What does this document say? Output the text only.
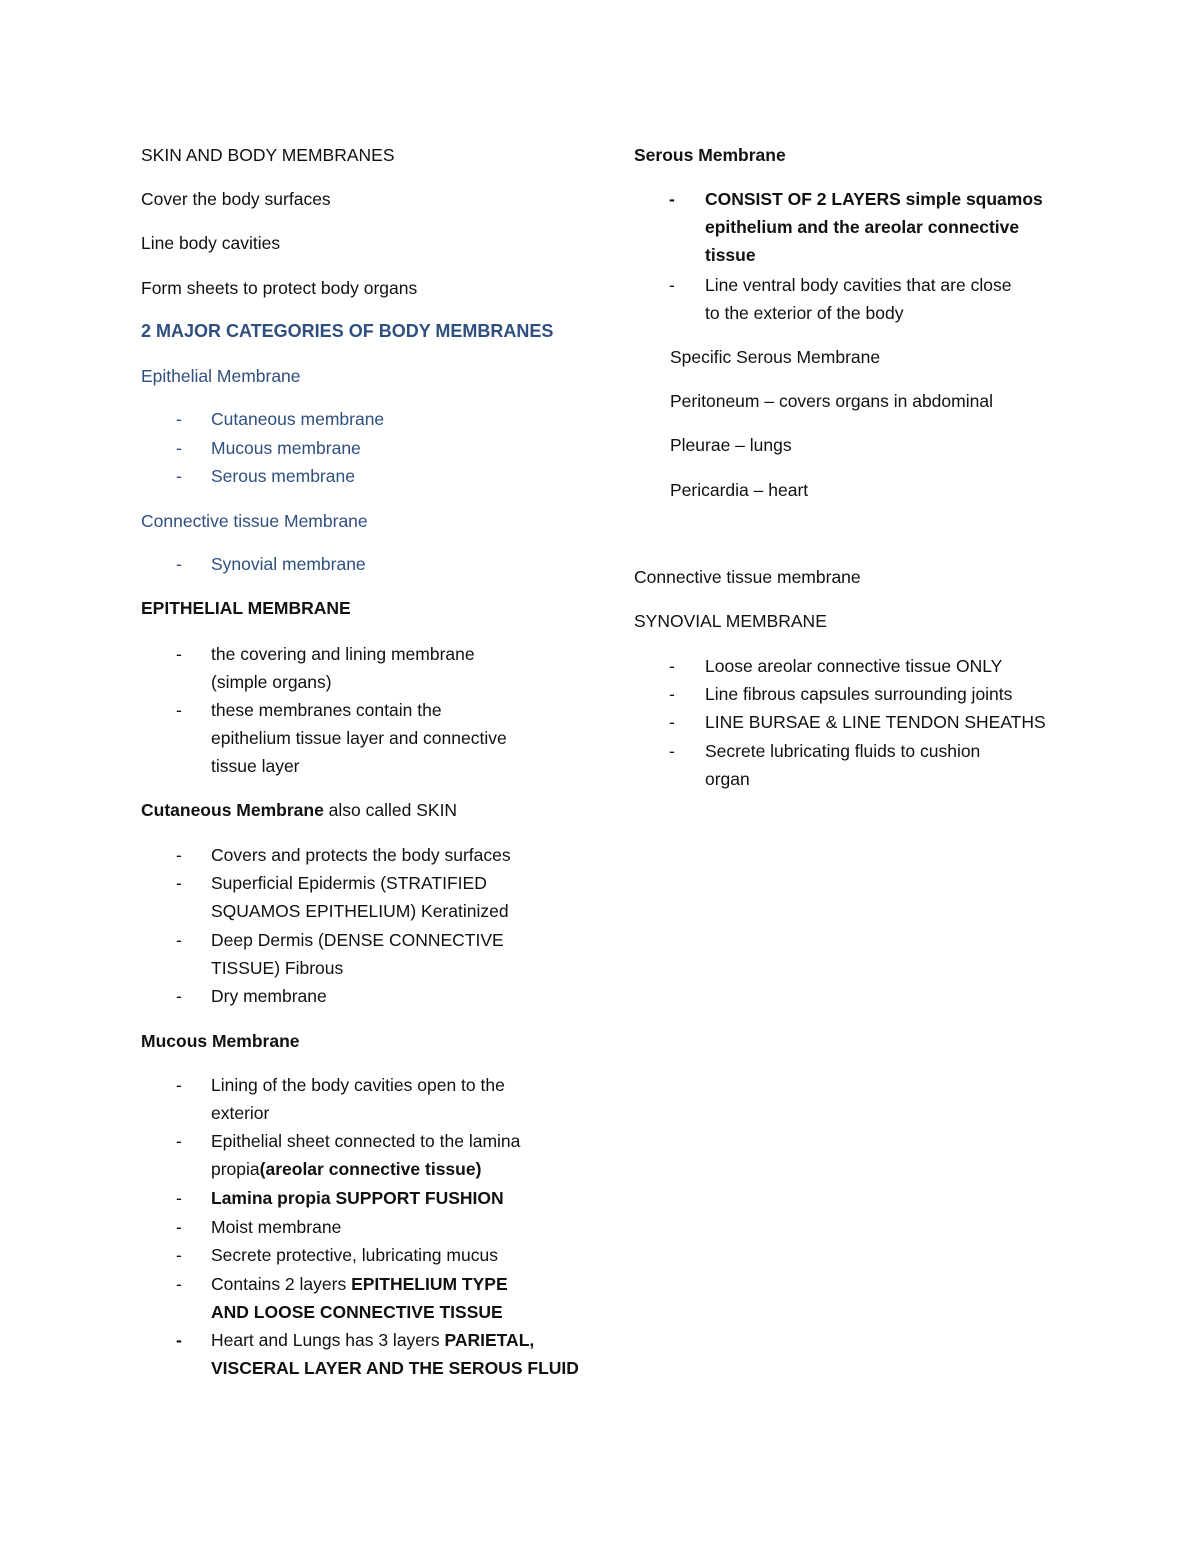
SKIN AND BODY MEMBRANES
Cover the body surfaces
Line body cavities
Form sheets to protect body organs
2 MAJOR CATEGORIES OF BODY MEMBRANES
Epithelial Membrane
- Cutaneous membrane
- Mucous membrane
- Serous membrane
Connective tissue Membrane
- Synovial membrane
EPITHELIAL MEMBRANE
- the covering and lining membrane
(simple organs)
- these membranes contain the
epithelium tissue layer and connective
tissue layer
Cutaneous Membrane also called SKIN
- Covers and protects the body surfaces
- Superficial Epidermis (STRATIFIED
SQUAMOS EPITHELIUM) Keratinized
- Deep Dermis (DENSE CONNECTIVE
TISSUE) Fibrous
- Dry membrane
Mucous Membrane
- Lining of the body cavities open to the
exterior
- Epithelial sheet connected to the lamina
propia(areolar connective tissue)
- Lamina propia SUPPORT FUSHION
- Moist membrane
- Secrete protective, lubricating mucus
- Contains 2 layers EPITHELIUM TYPE
AND LOOSE CONNECTIVE TISSUE
- Heart and Lungs has 3 layers PARIETAL,
VISCERAL LAYER AND THE SEROUS FLUID
Serous Membrane
- CONSIST OF 2 LAYERS simple squamos
epithelium and the areolar connective
tissue
- Line ventral body cavities that are close
to the exterior of the body
Specific Serous Membrane
Peritoneum – covers organs in abdominal
Pleurae – lungs
Pericardia – heart
Connective tissue membrane
SYNOVIAL MEMBRANE
- Loose areolar connective tissue ONLY
- Line fibrous capsules surrounding joints
- LINE BURSAE & LINE TENDON SHEATHS
- Secrete lubricating fluids to cushion
organ
